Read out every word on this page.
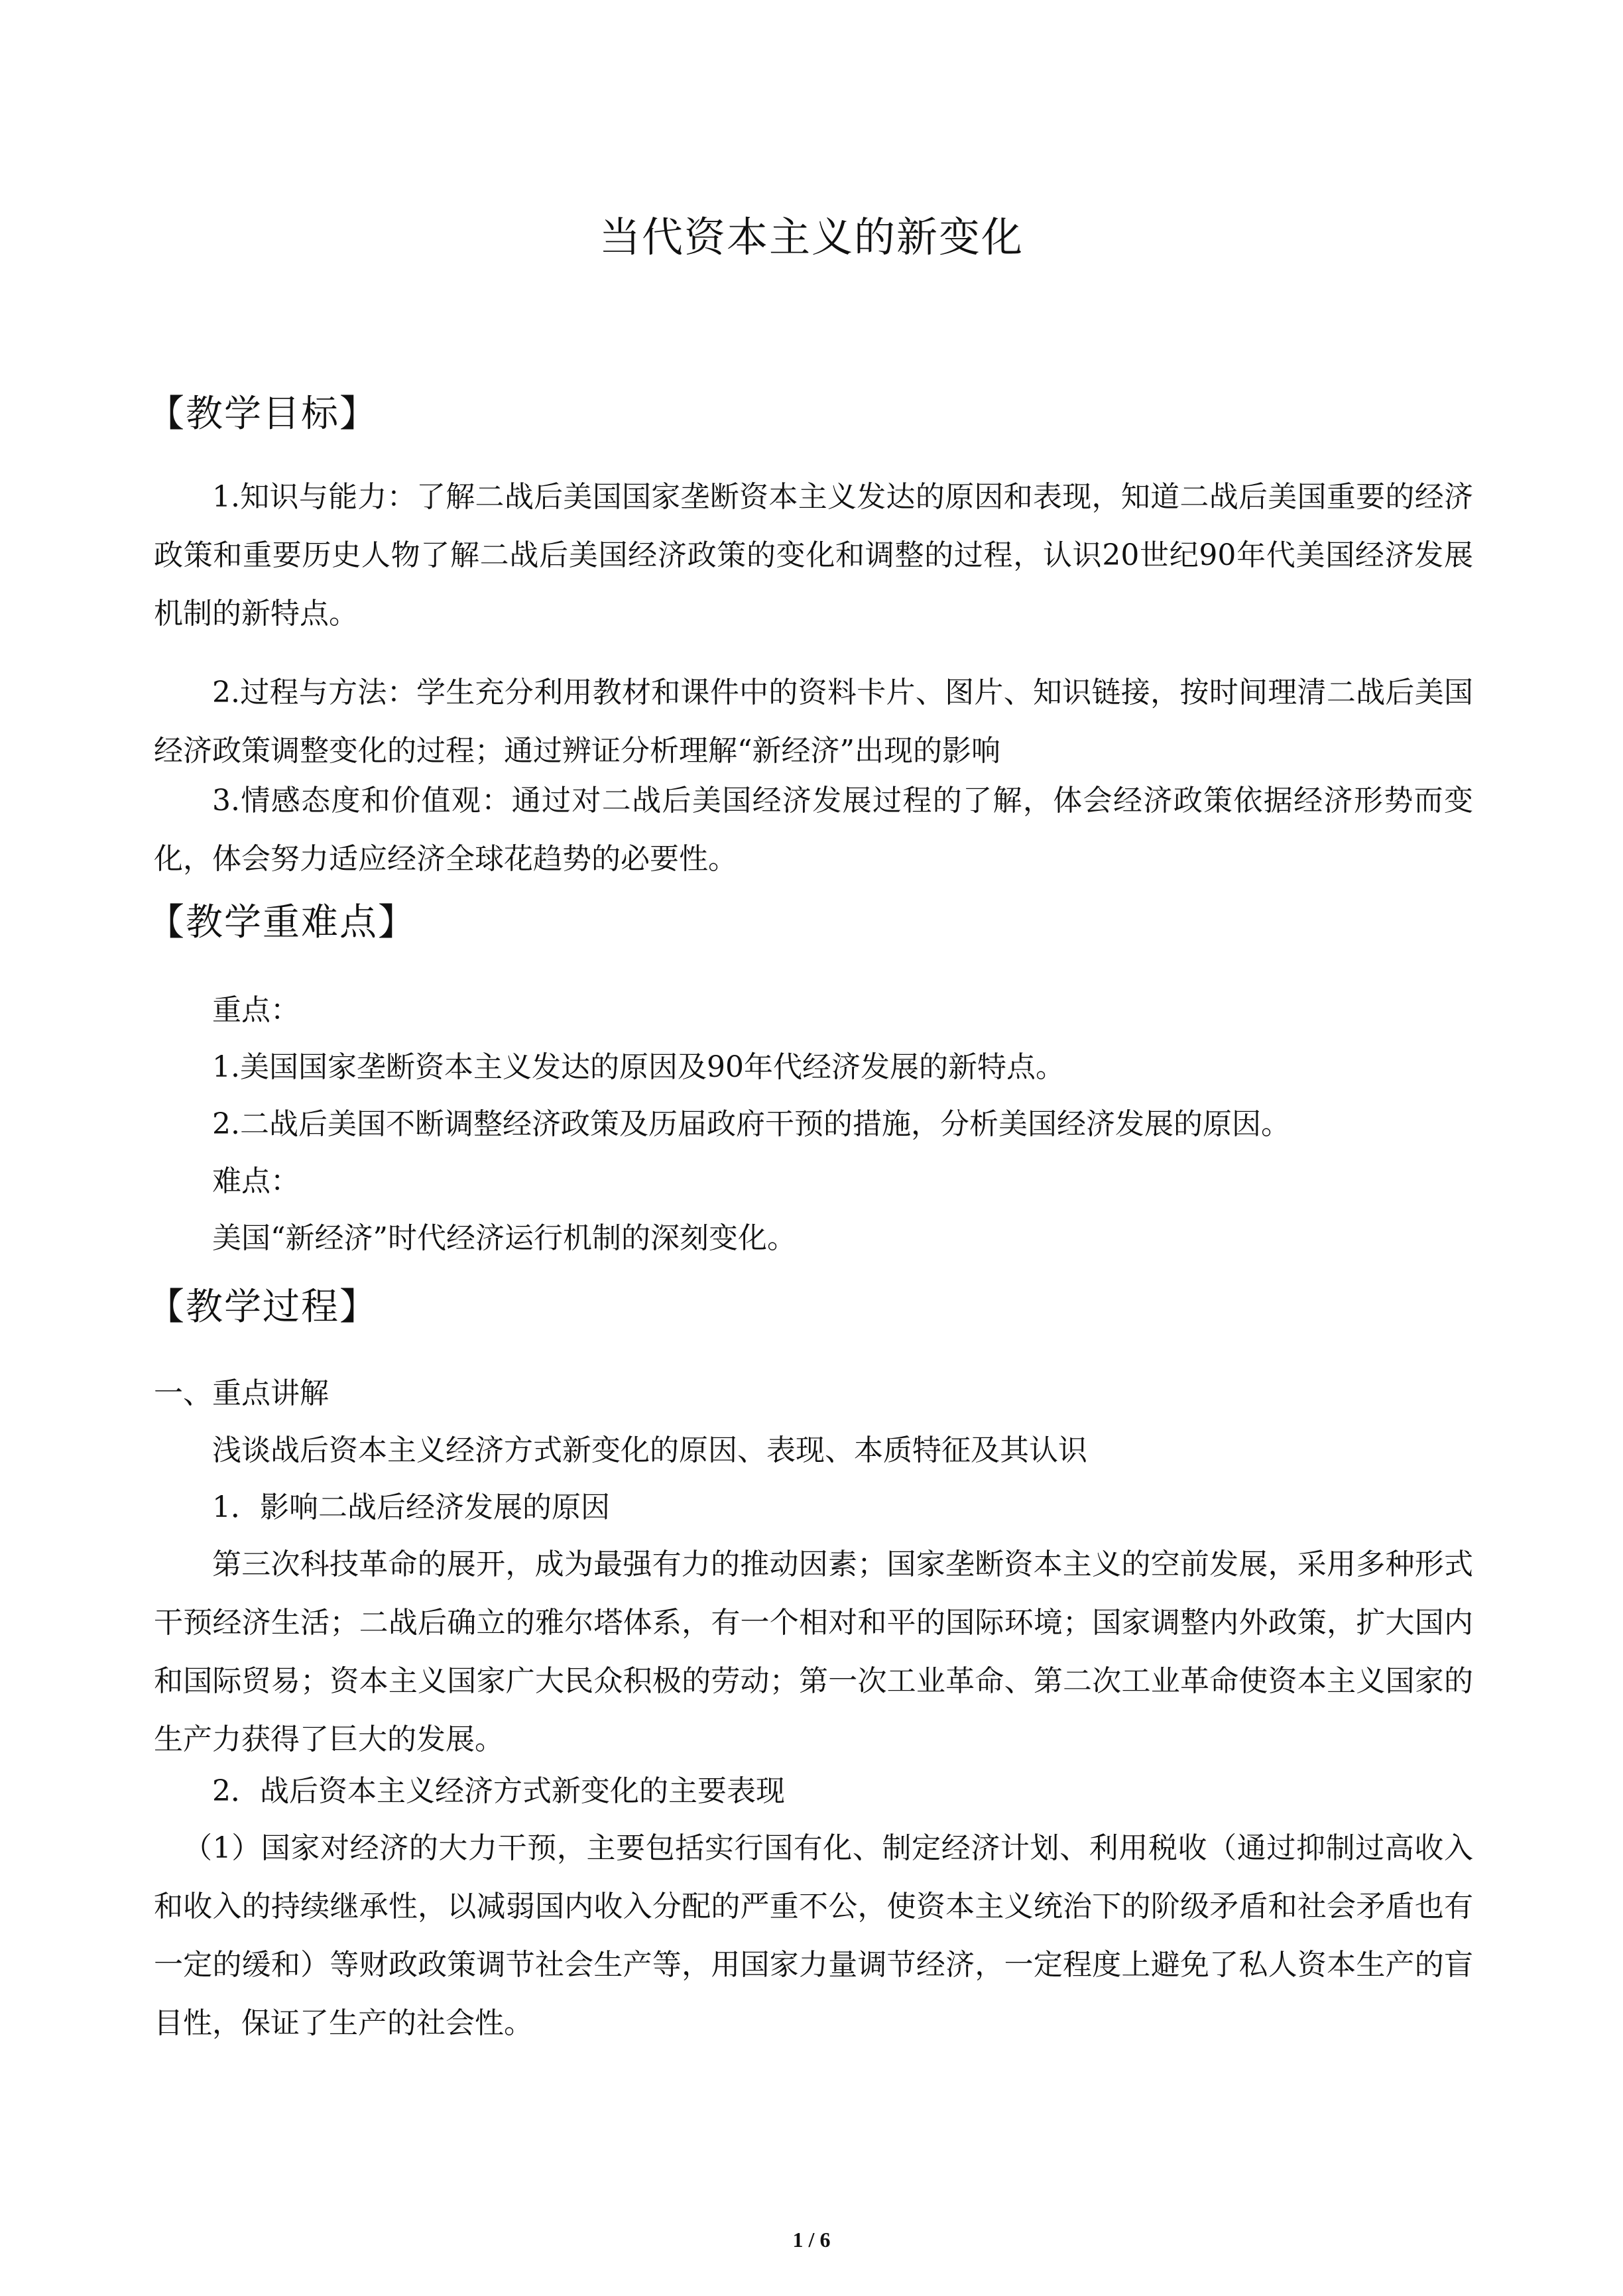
当代资本主义的新变化
【教学目标】

1.知识与能力：了解二战后美国国家垄断资本主义发达的原因和表现，知道二战后美国重要的经济政策和重要历史人物了解二战后美国经济政策的变化和调整的过程，认识20世纪90年代美国经济发展机制的新特点。

2.过程与方法：学生充分利用教材和课件中的资料卡片、图片、知识链接，按时间理清二战后美国经济政策调整变化的过程；通过辨证分析理解“新经济”出现的影响

3.情感态度和价值观：通过对二战后美国经济发展过程的了解，体会经济政策依据经济形势而变化，体会努力适应经济全球花趋势的必要性。

【教学重难点】

重点：

1.美国国家垄断资本主义发达的原因及90年代经济发展的新特点。

2.二战后美国不断调整经济政策及历届政府干预的措施，分析美国经济发展的原因。

难点：

美国“新经济”时代经济运行机制的深刻变化。

【教学过程】

一、重点讲解

浅谈战后资本主义经济方式新变化的原因、表现、本质特征及其认识

1．影响二战后经济发展的原因

第三次科技革命的展开，成为最强有力的推动因素；国家垄断资本主义的空前发展，采用多种形式干预经济生活；二战后确立的雅尔塔体系，有一个相对和平的国际环境；国家调整内外政策，扩大国内和国际贸易；资本主义国家广大民众积极的劳动；第一次工业革命、第二次工业革命使资本主义国家的生产力获得了巨大的发展。

2．战后资本主义经济方式新变化的主要表现

（1）国家对经济的大力干预，主要包括实行国有化、制定经济计划、利用税收（通过抑制过高收入和收入的持续继承性，以减弱国内收入分配的严重不公，使资本主义统治下的阶级矛盾和社会矛盾也有一定的缓和）等财政政策调节社会生产等，用国家力量调节经济，一定程度上避免了私人资本生产的盲目性，保证了生产的社会性。

1 / 6
